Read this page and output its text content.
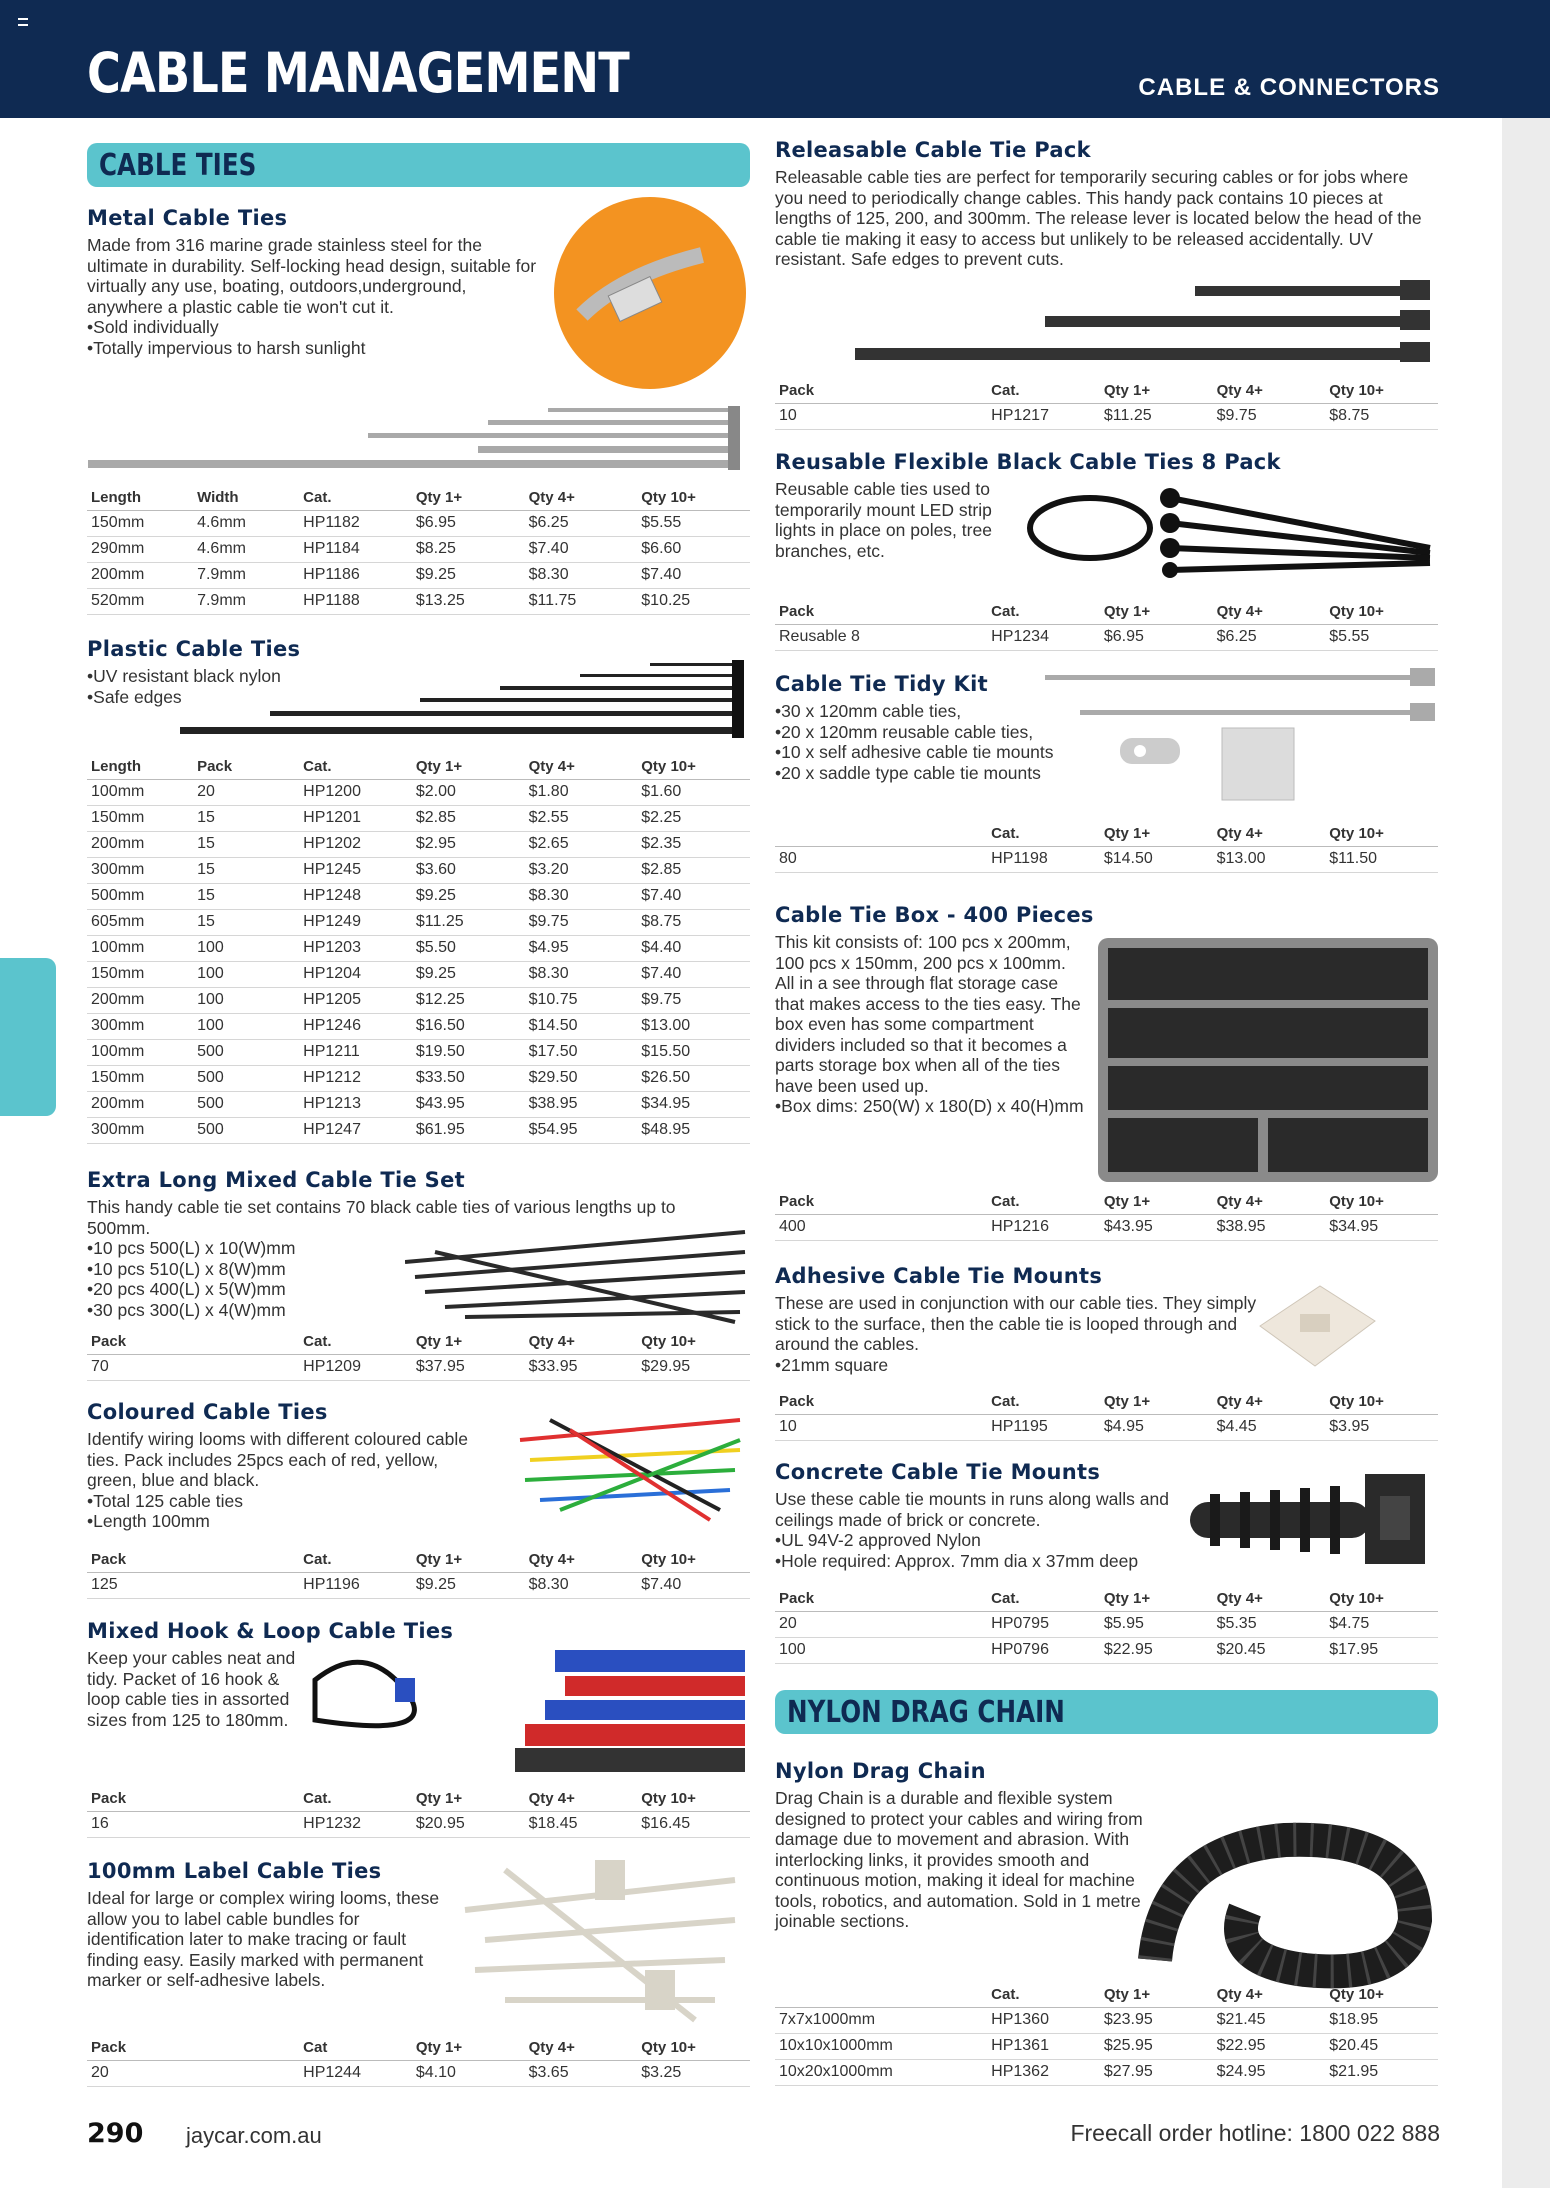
CABLE MANAGEMENT	CABLE & CONNECTORS
CABLE TIES
NYLON DRAG CHAIN
Metal Cable Ties
Made from 316 marine grade stainless steel for the ultimate in durability. Self-locking head design, suitable for virtually any use, boating, outdoors,underground, anywhere a plastic cable tie won't cut it.
• Sold individually
• Totally impervious to harsh sunlight
Length	Width	Cat.	Qty 1+	Qty 4+	Qty 10+
150mm	4.6mm	HP1182	$6.95	$6.25	$5.55
290mm	4.6mm	HP1184	$8.25	$7.40	$6.60
200mm	7.9mm	HP1186	$9.25	$8.30	$7.40
520mm	7.9mm	HP1188	$13.25	$11.75	$10.25
Plastic Cable Ties
• UV resistant black nylon
• Safe edges
Length	Pack	Cat.	Qty 1+	Qty 4+	Qty 10+
100mm	20	HP1200	$2.00	$1.80	$1.60
150mm	15	HP1201	$2.85	$2.55	$2.25
200mm	15	HP1202	$2.95	$2.65	$2.35
300mm	15	HP1245	$3.60	$3.20	$2.85
500mm	15	HP1248	$9.25	$8.30	$7.40
605mm	15	HP1249	$11.25	$9.75	$8.75
100mm	100	HP1203	$5.50	$4.95	$4.40
150mm	100	HP1204	$9.25	$8.30	$7.40
200mm	100	HP1205	$12.25	$10.75	$9.75
300mm	100	HP1246	$16.50	$14.50	$13.00
100mm	500	HP1211	$19.50	$17.50	$15.50
150mm	500	HP1212	$33.50	$29.50	$26.50
200mm	500	HP1213	$43.95	$38.95	$34.95
300mm	500	HP1247	$61.95	$54.95	$48.95
Extra Long Mixed Cable Tie Set
This handy cable tie set contains 70 black cable ties of various lengths up to 500mm.
• 10 pcs 500(L) x 10(W)mm
• 10 pcs 510(L) x 8(W)mm
• 20 pcs 400(L) x 5(W)mm
• 30 pcs 300(L) x 4(W)mm
Pack	Cat.	Qty 1+	Qty 4+	Qty 10+
70	HP1209	$37.95	$33.95	$29.95
Coloured Cable Ties
Identify wiring looms with different coloured cable ties. Pack includes 25pcs each of red, yellow, green, blue and black.
• Total 125 cable ties
• Length 100mm
Pack	Cat.	Qty 1+	Qty 4+	Qty 10+
125	HP1196	$9.25	$8.30	$7.40
Mixed Hook & Loop Cable Ties
Keep your cables neat and tidy. Packet of 16 hook & loop cable ties in assorted sizes from 125 to 180mm.
Pack	Cat.	Qty 1+	Qty 4+	Qty 10+
16	HP1232	$20.95	$18.45	$16.45
100mm Label Cable Ties
Ideal for large or complex wiring looms, these allow you to label cable bundles for identification later to make tracing or fault finding easy. Easily marked with permanent marker or self-adhesive labels.
Pack	Cat	Qty 1+	Qty 4+	Qty 10+
20	HP1244	$4.10	$3.65	$3.25
Releasable Cable Tie Pack
Releasable cable ties are perfect for temporarily securing cables or for jobs where you need to periodically change cables. This handy pack contains 10 pieces at lengths of 125, 200, and 300mm. The release lever is located below the head of the cable tie making it easy to access but unlikely to be released accidentally. UV resistant. Safe edges to prevent cuts.
Pack	Cat.	Qty 1+	Qty 4+	Qty 10+
10	HP1217	$11.25	$9.75	$8.75
Reusable Flexible Black Cable Ties 8 Pack
Reusable cable ties used to temporarily mount LED strip lights in place on poles, tree branches, etc.
Pack	Cat.	Qty 1+	Qty 4+	Qty 10+
Reusable 8	HP1234	$6.95	$6.25	$5.55
Cable Tie Tidy Kit
• 30 x 120mm cable ties,
• 20 x 120mm reusable cable ties,
• 10 x self adhesive cable tie mounts
• 20 x saddle type cable tie mounts
	Cat.	Qty 1+	Qty 4+	Qty 10+
80	HP1198	$14.50	$13.00	$11.50
Cable Tie Box - 400 Pieces
This kit consists of: 100 pcs x 200mm, 100 pcs x 150mm, 200 pcs x 100mm. All in a see through flat storage case that makes access to the ties easy. The box even has some compartment dividers included so that it becomes a parts storage box when all of the ties have been used up.
• Box dims: 250(W) x 180(D) x 40(H)mm
Pack	Cat.	Qty 1+	Qty 4+	Qty 10+
400	HP1216	$43.95	$38.95	$34.95
Adhesive Cable Tie Mounts
These are used in conjunction with our cable ties. They simply stick to the surface, then the cable tie is looped through and around the cables.
• 21mm square
Pack	Cat.	Qty 1+	Qty 4+	Qty 10+
10	HP1195	$4.95	$4.45	$3.95
Concrete Cable Tie Mounts
Use these cable tie mounts in runs along walls and ceilings made of brick or concrete.
• UL 94V-2 approved Nylon
• Hole required: Approx. 7mm dia x 37mm deep
Pack	Cat.	Qty 1+	Qty 4+	Qty 10+
20	HP0795	$5.95	$5.35	$4.75
100	HP0796	$22.95	$20.45	$17.95
Nylon Drag Chain
Drag Chain is a durable and flexible system designed to protect your cables and wiring from damage due to movement and abrasion. With interlocking links, it provides smooth and continuous motion, making it ideal for machine tools, robotics, and automation. Sold in 1 metre joinable sections.
	Cat.	Qty 1+	Qty 4+	Qty 10+
7x7x1000mm	HP1360	$23.95	$21.45	$18.95
10x10x1000mm	HP1361	$25.95	$22.95	$20.45
10x20x1000mm	HP1362	$27.95	$24.95	$21.95
290 jaycar.com.au	Freecall order hotline: 1800 022 888
